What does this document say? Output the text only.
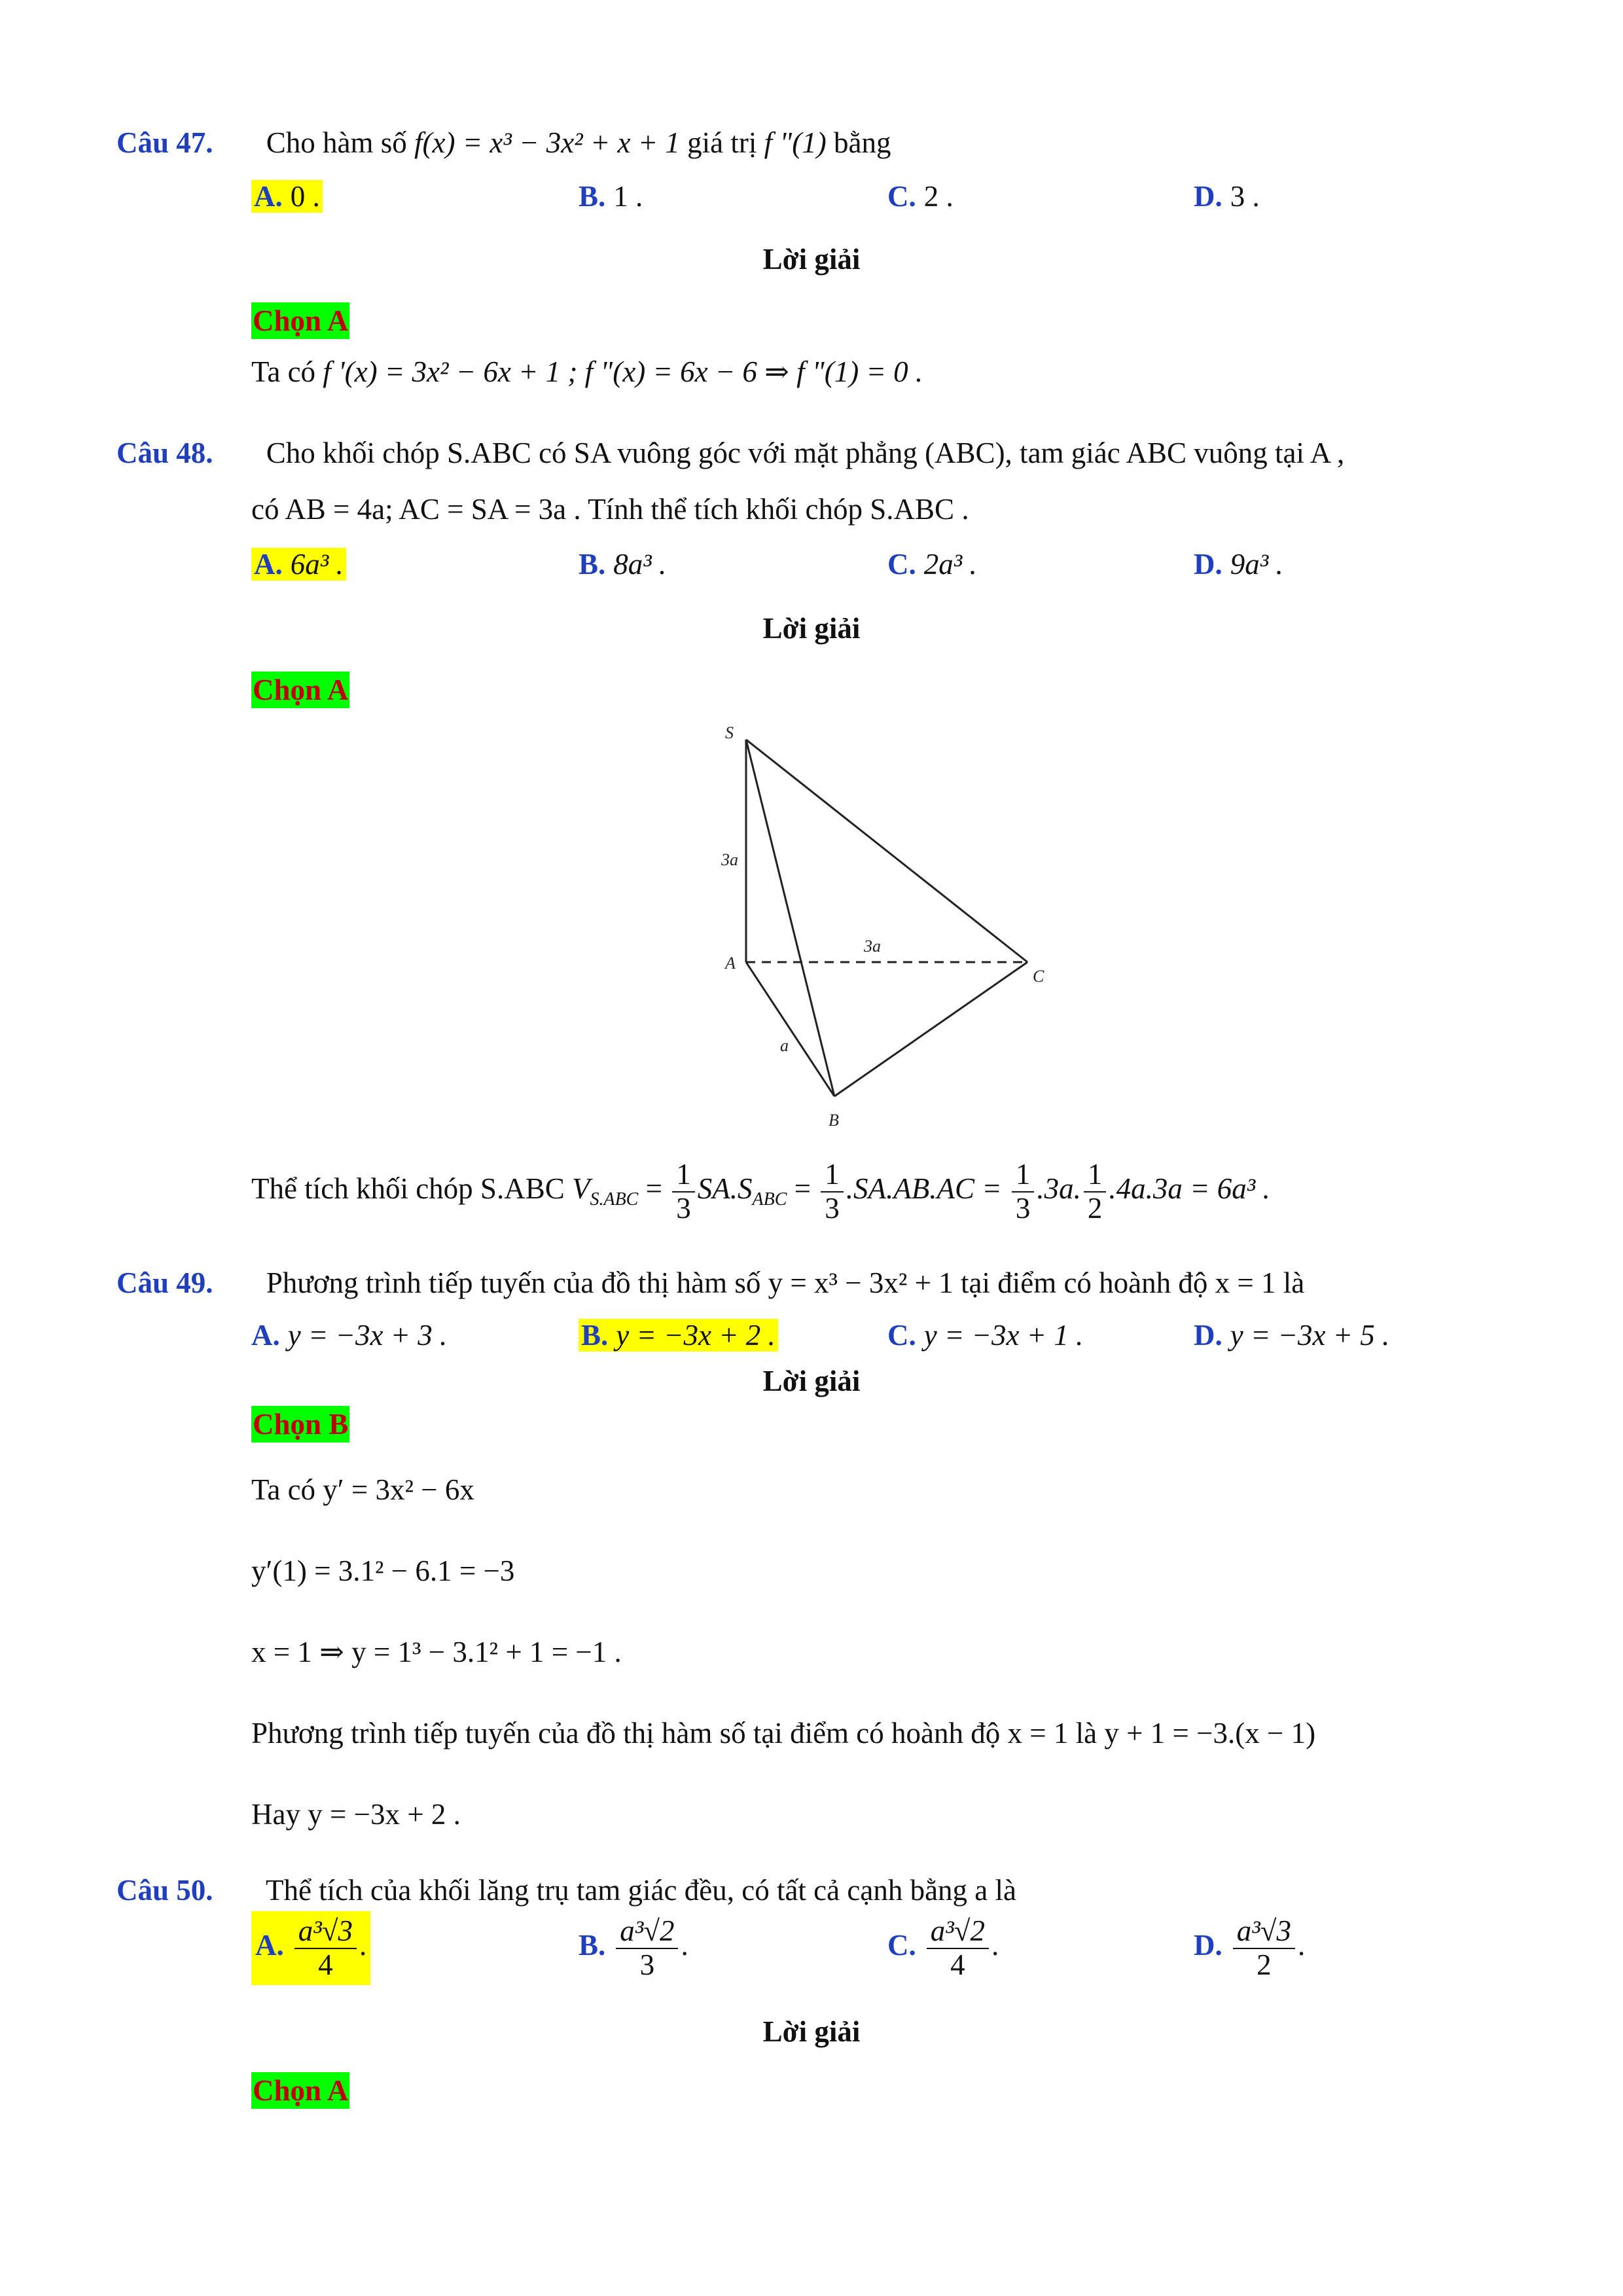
Câu 47. Cho hàm số f(x) = x³ − 3x² + x + 1 giá trị f "(1) bằng
A. 0 .	B. 1 .	C. 2 .	D. 3 .
Lời giải
Chọn A
Ta có f '(x) = 3x² − 6x + 1 ; f "(x) = 6x − 6 ⇒ f "(1) = 0 .
Câu 48. Cho khối chóp S.ABC có SA vuông góc với mặt phẳng (ABC), tam giác ABC vuông tại A ,
có AB = 4a; AC = SA = 3a . Tính thể tích khối chóp S.ABC .
A. 6a³ .	B. 8a³ .	C. 2a³ .	D. 9a³ .
Lời giải
Chọn A
S
A
B
C
3a
3a
a
Thể tích khối chóp S.ABC $V_{S.ABC} = \frac{1}{3} SA.S_{ABC} = \frac{1}{3} .SA.AB.AC = \frac{1}{3} .3a$. $\frac{1}{2} .4a.3a = 6a^3$ .
Câu 49. Phương trình tiếp tuyến của đồ thị hàm số y = x³ − 3x² + 1 tại điểm có hoành độ x = 1 là
A. y = −3x + 3 .	B. y = −3x + 2 .	C. y = −3x + 1 .	D. y = −3x + 5 .
Lời giải
Chọn B
Ta có y′ = 3x² − 6x
y′(1) = 3.1² − 6.1 = −3
x = 1 ⇒ y = 1³ − 3.1² + 1 = −1 .
Phương trình tiếp tuyến của đồ thị hàm số tại điểm có hoành độ x = 1 là y + 1 = −3.(x − 1)
Hay y = −3x + 2 .
Câu 50. Thể tích của khối lăng trụ tam giác đều, có tất cả cạnh bằng a là
A. $\frac{\text{a³√3}}{4}$ .	B. $\frac{\text{a³√2}}{3}$ .	C. $\frac{\text{a³√2}}{4}$ .	D. $\frac{\text{a³√3}}{2}$ .
Lời giải
Chọn A
